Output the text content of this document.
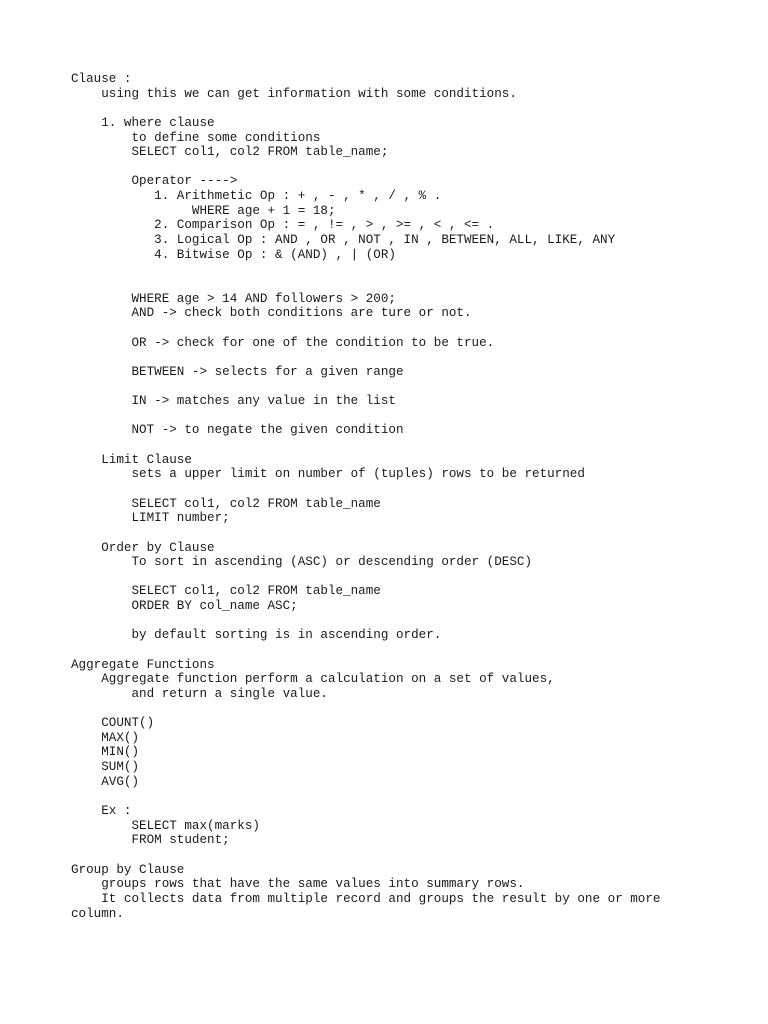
Clause :
using this we can get information with some conditions.
1. where clause
to define some conditions
SELECT col1, col2 FROM table_name;
Operator ---->
1. Arithmetic Op : + , - , * , / , % .
WHERE age + 1 = 18;
2. Comparison Op : = , != , > , >= , < , <= .
3. Logical Op : AND , OR , NOT , IN , BETWEEN, ALL, LIKE, ANY
4. Bitwise Op : & (AND) , | (OR)
WHERE age > 14 AND followers > 200;
AND -> check both conditions are ture or not.
OR -> check for one of the condition to be true.
BETWEEN -> selects for a given range
IN -> matches any value in the list
NOT -> to negate the given condition
Limit Clause
sets a upper limit on number of (tuples) rows to be returned
SELECT col1, col2 FROM table_name
LIMIT number;
Order by Clause
To sort in ascending (ASC) or descending order (DESC)
SELECT col1, col2 FROM table_name
ORDER BY col_name ASC;
by default sorting is in ascending order.
Aggregate Functions
Aggregate function perform a calculation on a set of values,
and return a single value.
COUNT()
MAX()
MIN()
SUM()
AVG()
Ex :
SELECT max(marks)
FROM student;
Group by Clause
groups rows that have the same values into summary rows.
It collects data from multiple record and groups the result by one or more
column.
